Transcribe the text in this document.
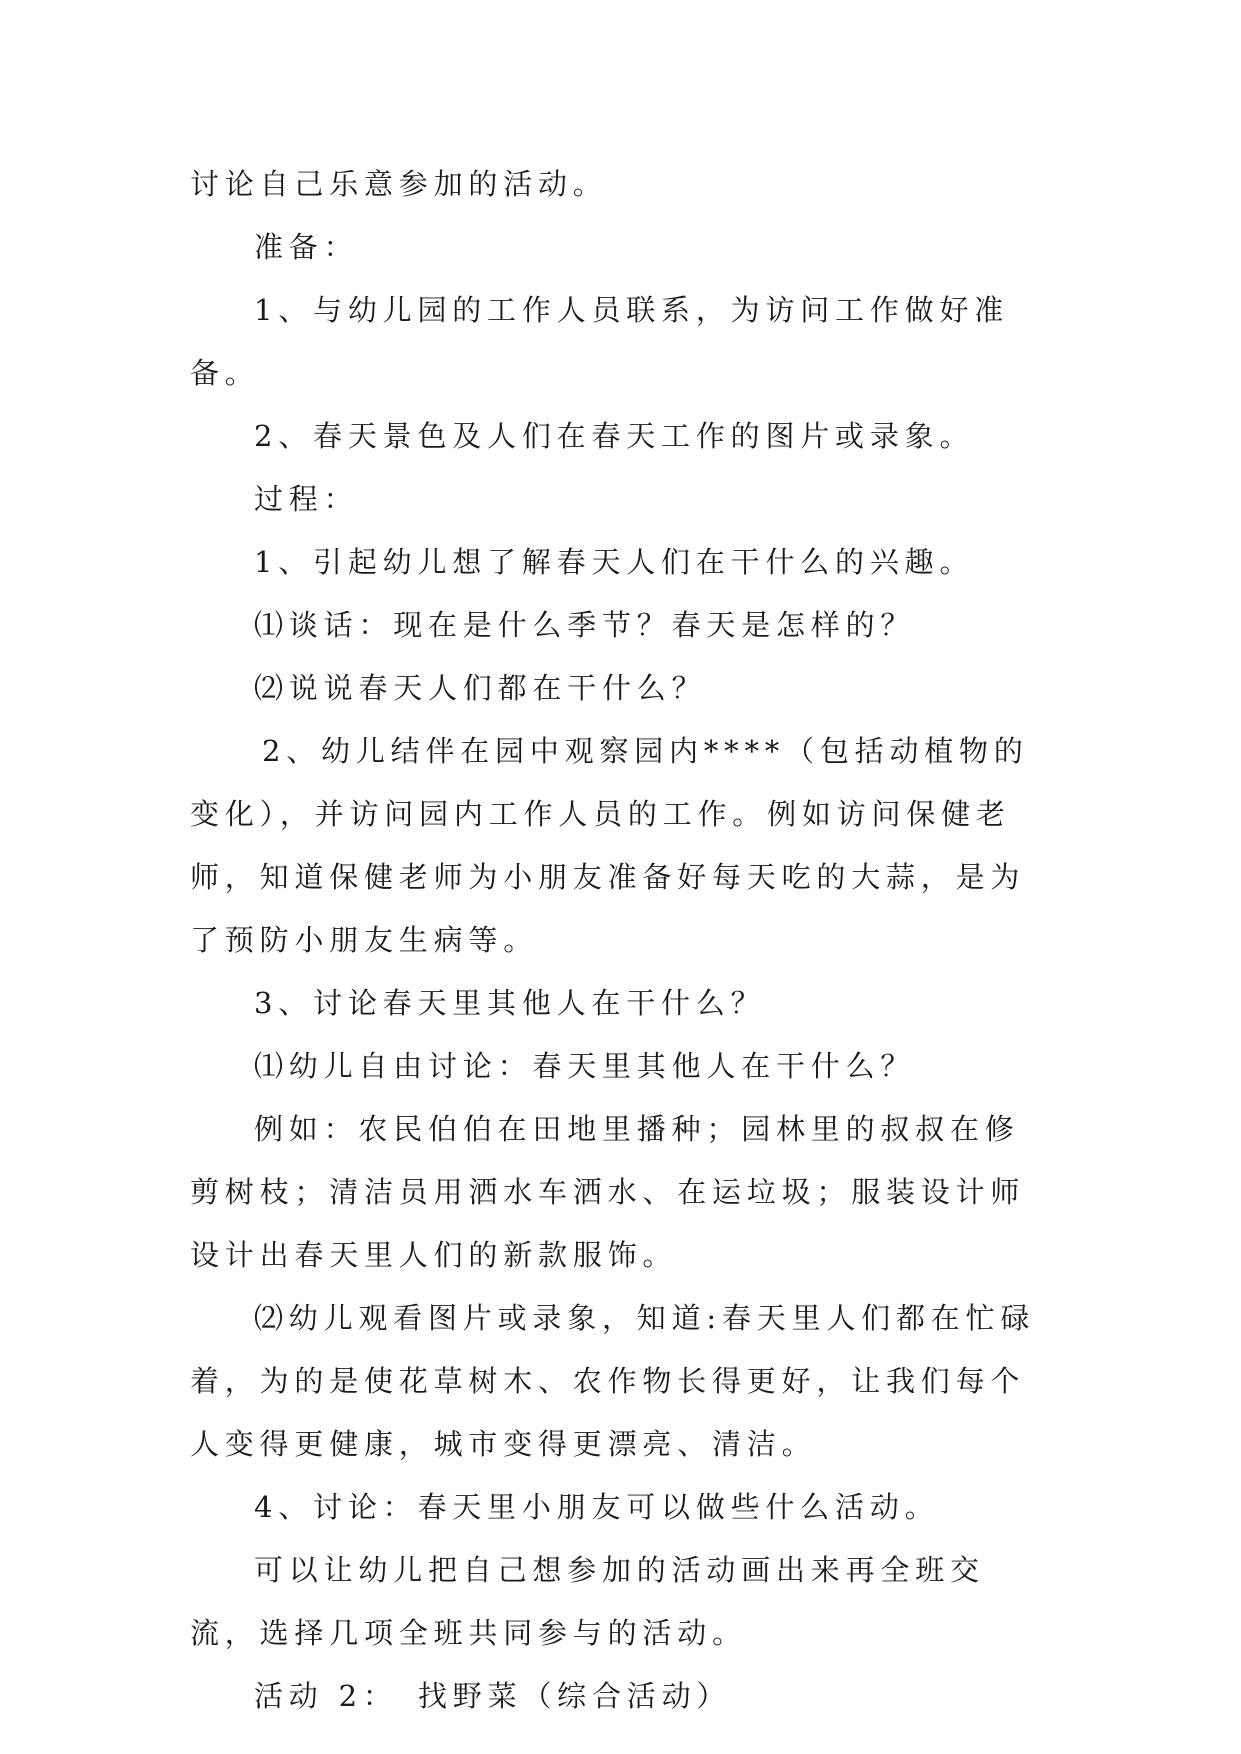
讨论自己乐意参加的活动。

准备：

1、与幼儿园的工作人员联系，为访问工作做好准备。

2、春天景色及人们在春天工作的图片或录象。

过程：

1、引起幼儿想了解春天人们在干什么的兴趣。

⑴谈话：现在是什么季节？春天是怎样的？

⑵说说春天人们都在干什么？

2、幼儿结伴在园中观察园内****（包括动植物的变化），并访问园内工作人员的工作。例如访问保健老师，知道保健老师为小朋友准备好每天吃的大蒜，是为了预防小朋友生病等。

3、讨论春天里其他人在干什么？

⑴幼儿自由讨论：春天里其他人在干什么？

例如：农民伯伯在田地里播种；园林里的叔叔在修剪树枝；清洁员用洒水车洒水、在运垃圾；服装设计师设计出春天里人们的新款服饰。

⑵幼儿观看图片或录象，知道:春天里人们都在忙碌着，为的是使花草树木、农作物长得更好，让我们每个人变得更健康，城市变得更漂亮、清洁。

4、讨论：春天里小朋友可以做些什么活动。

可以让幼儿把自己想参加的活动画出来再全班交流，选择几项全班共同参与的活动。

活动 2：　找野菜（综合活动）
